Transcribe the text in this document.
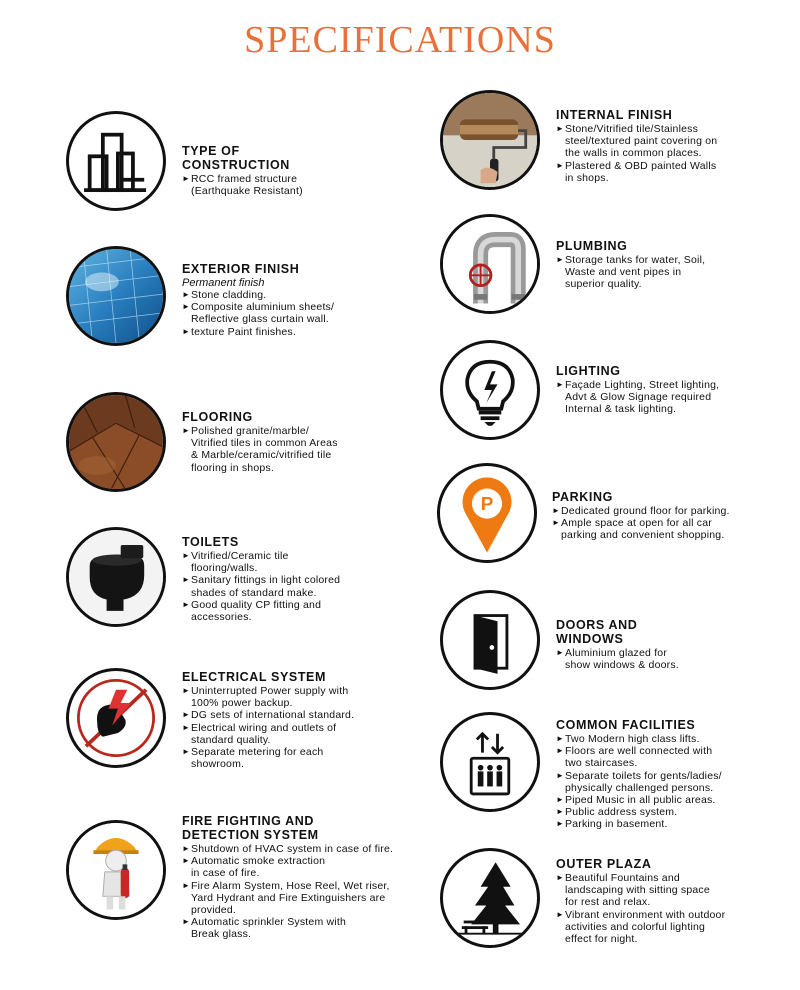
SPECIFICATIONS
TYPE OF CONSTRUCTION
►RCC framed structure
(Earthquake Resistant)
EXTERIOR FINISH
Permanent finish
►Stone cladding.
►Composite aluminium sheets/
Reflective glass curtain wall.
►texture Paint finishes.
FLOORING
►Polished granite/marble/
Vitrified tiles in common Areas
& Marble/ceramic/vitrified tile
flooring in shops.
TOILETS
►Vitrified/Ceramic tile
flooring/walls.
►Sanitary fittings in light colored
shades of standard make.
►Good quality CP fitting and
accessories.
ELECTRICAL SYSTEM
►Uninterrupted Power supply with
100% power backup.
►DG sets of international standard.
►Electrical wiring and outlets of
standard quality.
►Separate metering for each
showroom.
FIRE FIGHTING AND DETECTION SYSTEM
►Shutdown of HVAC system in case of fire.
►Automatic smoke extraction
in case of fire.
►Fire Alarm System, Hose Reel, Wet riser,
Yard Hydrant and Fire Extinguishers are
provided.
►Automatic sprinkler System with
Break glass.
INTERNAL FINISH
►Stone/Vitrified tile/Stainless
steel/textured paint covering on
the walls in common places.
►Plastered & OBD painted Walls
in shops.
PLUMBING
►Storage tanks for water, Soil,
Waste and vent pipes in
superior quality.
LIGHTING
►Façade Lighting, Street lighting,
Advt & Glow Signage required
Internal & task lighting.
P	PARKING
►Dedicated ground floor for parking.
►Ample space at open for all car
parking and convenient shopping.
DOORS AND WINDOWS
►Aluminium glazed for
show windows & doors.
COMMON FACILITIES
►Two Modern high class lifts.
►Floors are well connected with
two staircases.
►Separate toilets for gents/ladies/
physically challenged persons.
►Piped Music in all public areas.
►Public address system.
►Parking in basement.
OUTER PLAZA
►Beautiful Fountains and
landscaping with sitting space
for rest and relax.
►Vibrant environment with outdoor
activities and colorful lighting
effect for night.
